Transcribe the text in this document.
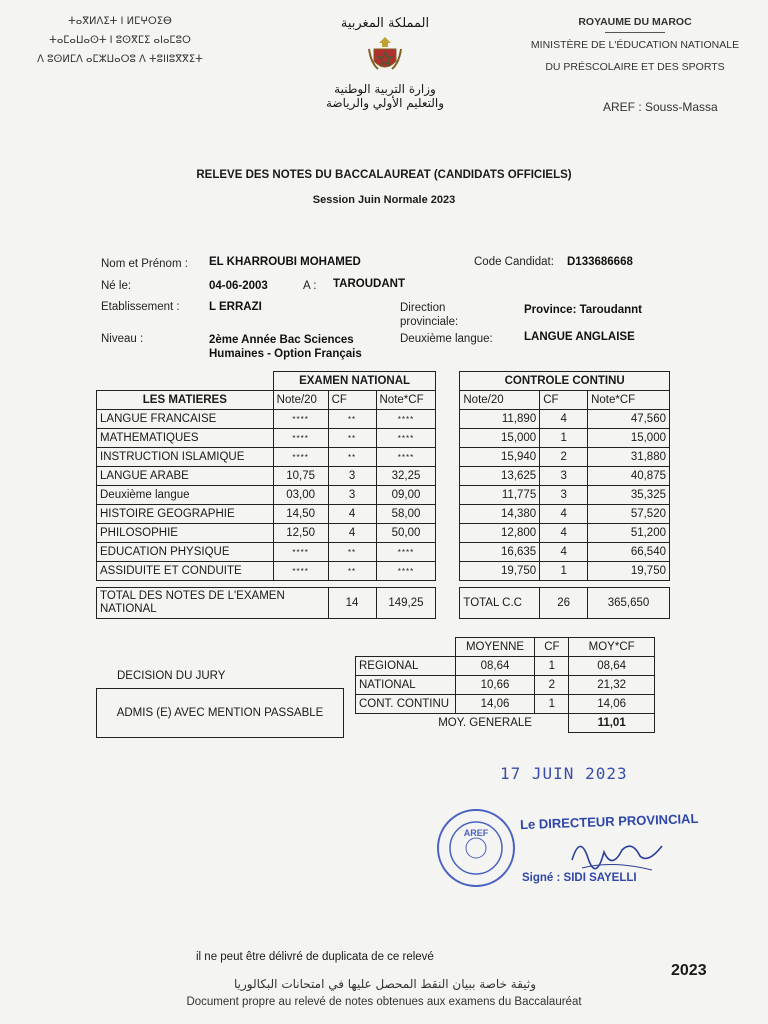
ⵜⴰⴳⵍⴷⵉⵜ ⵏ ⵍⵎⵖⵔⵉⴱ
ⵜⴰⵎⴰⵡⴰⵙⵜ ⵏ ⵓⵙⴳⵎⵉ ⴰⵏⴰⵎⵓⵔ
ⴷ ⵓⵙⵍⵎⴷ ⴰⵎⵣⵡⴰⵔⵓ ⴷ ⵜⵓⵏⵏⵓⴳⴳⵉⵜ
المملكة المغربية
وزارة التربية الوطنية
والتعليم الأولي والرياضة
ROYAUME DU MAROC
MINISTÈRE DE L'ÉDUCATION NATIONALE
DU PRÉSCOLAIRE ET DES SPORTS
AREF : Souss-Massa
RELEVE DES NOTES DU BACCALAUREAT (CANDIDATS OFFICIELS)
Session Juin Normale 2023
Nom et Prénom : EL KHARROUBI MOHAMED	Code Candidat: D133686668
Né le:	04-06-2003	A : TAROUDANT
Etablissement :	L ERRAZI	Direction provinciale:
Province: Taroudannt
Niveau :	2ème Année Bac Sciences Humaines - Option Français
Deuxième langue:	LANGUE ANGLAISE
	EXAMEN NATIONAL				CONTROLE CONTINU		
LES MATIERES	Note/20	CF	Note*CF		Note/20	CF	Note*CF
LANGUE FRANCAISE	****	**	****		11,890	4	47,560
MATHEMATIQUES	****	**	****		15,000	1	15,000
INSTRUCTION ISLAMIQUE	****	**	****		15,940	2	31,880
LANGUE ARABE	10,75	3	32,25		13,625	3	40,875
Deuxième langue	03,00	3	09,00		11,775	3	35,325
HISTOIRE GEOGRAPHIE	14,50	4	58,00		14,380	4	57,520
PHILOSOPHIE	12,50	4	50,00		12,800	4	51,200
EDUCATION PHYSIQUE	****	**	****		16,635	4	66,540
ASSIDUITE ET CONDUITE	****	**	****		19,750	1	19,750

TOTAL DES NOTES DE L'EXAMEN NATIONAL		14	149,25		TOTAL C.C	26	365,650
	MOYENNE	CF	MOY*CF
REGIONAL	08,64	1	08,64
NATIONAL	10,66	2	21,32
CONT. CONTINU	14,06	1	14,06
MOY. GENERALE			11,01
DECISION DU JURY
ADMIS (E) AVEC MENTION PASSABLE
17 JUIN 2023
Le DIRECTEUR PROVINCIAL
AREF
Signé : SIDI SAYELLI
il ne peut être délivré de duplicata de ce relevé
وثيقة خاصة ببيان النقط المحصل عليها في امتحانات البكالوريا
Document propre au relevé de notes obtenues aux examens du Baccalauréat
2023
